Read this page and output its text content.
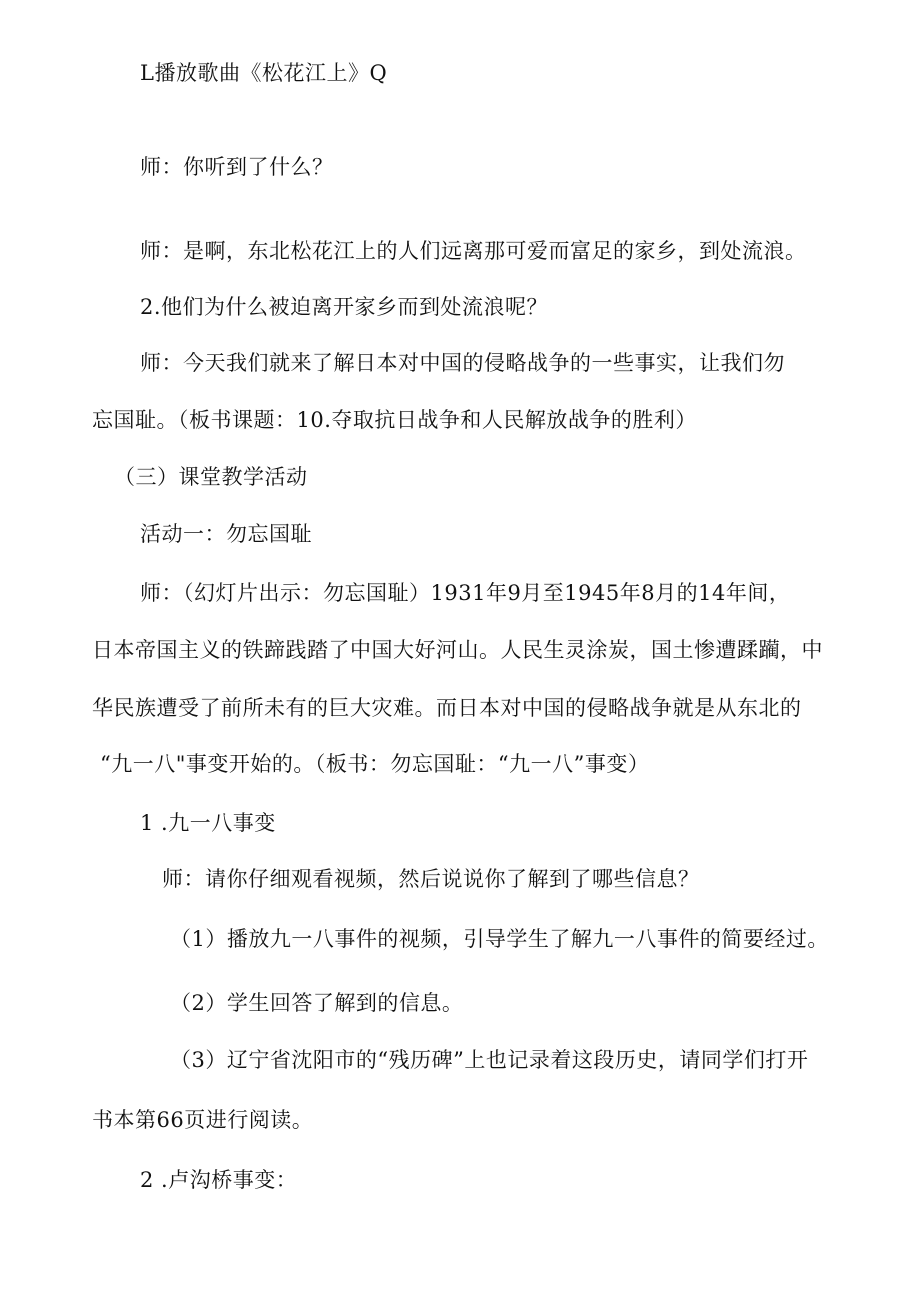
L播放歌曲《松花江上》Q
师：你听到了什么？
师：是啊，东北松花江上的人们远离那可爱而富足的家乡，到处流浪。
2.他们为什么被迫离开家乡而到处流浪呢？
师：今天我们就来了解日本对中国的侵略战争的一些事实，让我们勿
忘国耻。（板书课题：10.夺取抗日战争和人民解放战争的胜利）
（三）课堂教学活动
活动一：勿忘国耻
师：（幻灯片出示：勿忘国耻）1931年9月至1945年8月的14年间，
日本帝国主义的铁蹄践踏了中国大好河山。人民生灵涂炭，国土惨遭蹂躏，中
华民族遭受了前所未有的巨大灾难。而日本对中国的侵略战争就是从东北的
“九一八"事变开始的。（板书：勿忘国耻：“九一八”事变）
1 .九一八事变
师：请你仔细观看视频，然后说说你了解到了哪些信息？
（1）播放九一八事件的视频，引导学生了解九一八事件的简要经过。
（2）学生回答了解到的信息。
（3）辽宁省沈阳市的“残历碑”上也记录着这段历史，请同学们打开
书本第66页进行阅读。
2 .卢沟桥事变：
